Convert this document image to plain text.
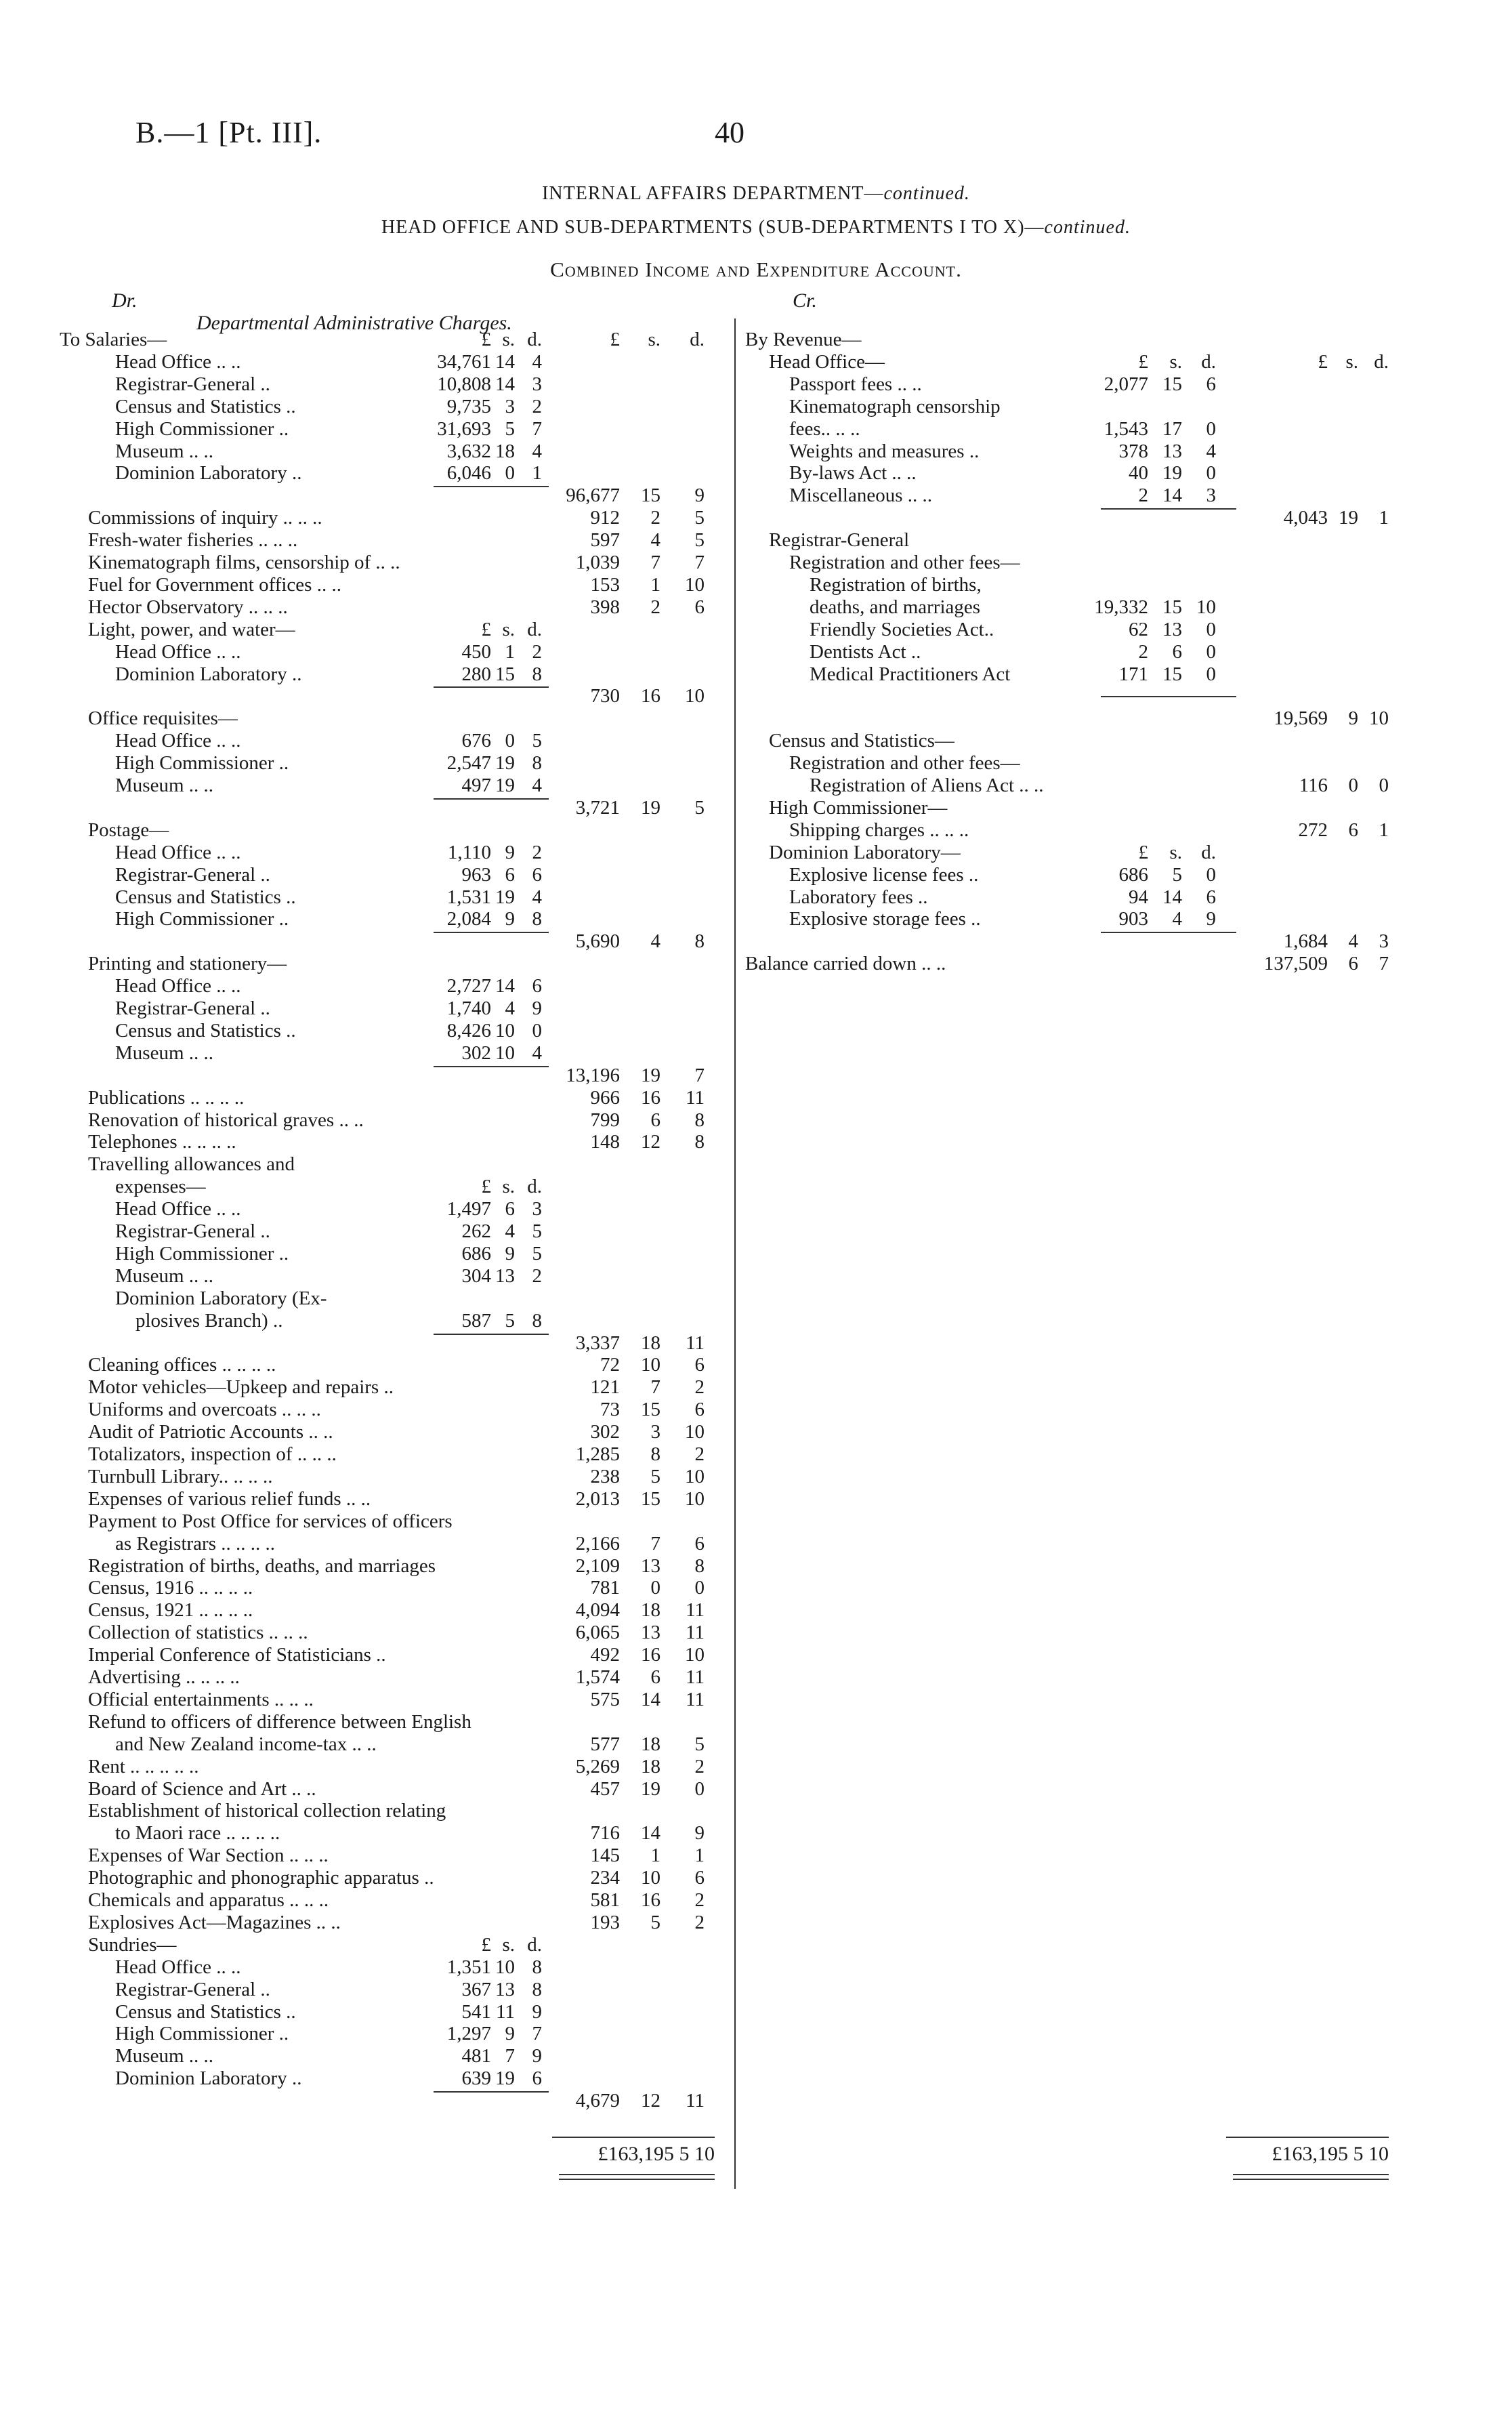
B.—1 [Pt. III].	40
INTERNAL AFFAIRS DEPARTMENT—continued.
HEAD OFFICE AND SUB-DEPARTMENTS (SUB-DEPARTMENTS I TO X)—continued.
Combined Income and Expenditure Account.
Dr.
Departmental Administrative Charges.
Cr.
To Salaries—	£ s. d.	£	s.	d.
Head Office .. ..	34,761 14 4
Registrar-General ..	10,808 14 3
Census and Statistics ..	9,735 3 2
High Commissioner ..	31,693 5 7
Museum .. ..	3,632 18 4
Dominion Laboratory ..	6,046 0 1
96,677	15	9
Commissions of inquiry .. .. ..	912	2	5
Fresh-water fisheries .. .. ..	597	4	5
Kinematograph films, censorship of .. ..	1,039	7	7
Fuel for Government offices .. ..	153	1	10
Hector Observatory .. .. ..	398	2	6
Light, power, and water—	£ s. d.
Head Office .. ..	450 1 2
Dominion Laboratory ..	280 15 8
730	16	10
Office requisites—
Head Office .. ..	676 0 5
High Commissioner ..	2,547 19 8
Museum .. ..	497 19 4
3,721	19	5
Postage—
Head Office .. ..	1,110 9 2
Registrar-General ..	963 6 6
Census and Statistics ..	1,531 19 4
High Commissioner ..	2,084 9 8
5,690	4	8
Printing and stationery—
Head Office .. ..	2,727 14 6
Registrar-General ..	1,740 4 9
Census and Statistics ..	8,426 10 0
Museum .. ..	302 10 4
13,196	19	7
Publications .. .. .. ..	966	16	11
Renovation of historical graves .. ..	799	6	8
Telephones .. .. .. ..	148	12	8
Travelling allowances and
expenses—	£ s. d.
Head Office .. ..	1,497 6 3
Registrar-General ..	262 4 5
High Commissioner ..	686 9 5
Museum .. ..	304 13 2
Dominion Laboratory (Ex-
plosives Branch) ..	587 5 8
3,337	18	11
Cleaning offices .. .. .. ..	72	10	6
Motor vehicles—Upkeep and repairs ..	121	7	2
Uniforms and overcoats .. .. ..	73	15	6
Audit of Patriotic Accounts .. ..	302	3	10
Totalizators, inspection of .. .. ..	1,285	8	2
Turnbull Library.. .. .. ..	238	5	10
Expenses of various relief funds .. ..	2,013	15	10
Payment to Post Office for services of officers
as Registrars .. .. .. ..	2,166	7	6
Registration of births, deaths, and marriages	2,109	13	8
Census, 1916 .. .. .. ..	781	0	0
Census, 1921 .. .. .. ..	4,094	18	11
Collection of statistics .. .. ..	6,065	13	11
Imperial Conference of Statisticians ..	492	16	10
Advertising .. .. .. ..	1,574	6	11
Official entertainments .. .. ..	575	14	11
Refund to officers of difference between English
and New Zealand income-tax .. ..	577	18	5
Rent .. .. .. .. ..	5,269	18	2
Board of Science and Art .. ..	457	19	0
Establishment of historical collection relating
to Maori race .. .. .. ..	716	14	9
Expenses of War Section .. .. ..	145	1	1
Photographic and phonographic apparatus ..	234	10	6
Chemicals and apparatus .. .. ..	581	16	2
Explosives Act—Magazines .. ..	193	5	2
Sundries—	£ s. d.
Head Office .. ..	1,351 10 8
Registrar-General ..	367 13 8
Census and Statistics ..	541 11 9
High Commissioner ..	1,297 9 7
Museum .. ..	481 7 9
Dominion Laboratory ..	639 19 6
4,679	12	11
By Revenue—
Head Office—	£	s. d.	£ s. d.
Passport fees .. ..	2,077 15	6
Kinematograph censorship
fees.. .. ..	1,543 17	0
Weights and measures ..	378 13	4
By-laws Act .. ..	40 19	0
Miscellaneous .. ..	2 14	3
4,043 19	1
Registrar-General
Registration and other fees—
Registration of births,
deaths, and marriages	19,332 15 10
Friendly Societies Act..	62 13	0
Dentists Act ..	2	6	0
Medical Practitioners Act	171 15	0
19,569	9 10
Census and Statistics—
Registration and other fees—
Registration of Aliens Act .. ..	116	0	0
High Commissioner—
Shipping charges .. .. ..	272	6	1
Dominion Laboratory—	£	s. d.
Explosive license fees ..	686	5	0
Laboratory fees ..	94 14	6
Explosive storage fees ..	903	4	9
1,684	4	3
Balance carried down .. ..	137,509	6	7
£163,195 5 10	£163,195 5 10
